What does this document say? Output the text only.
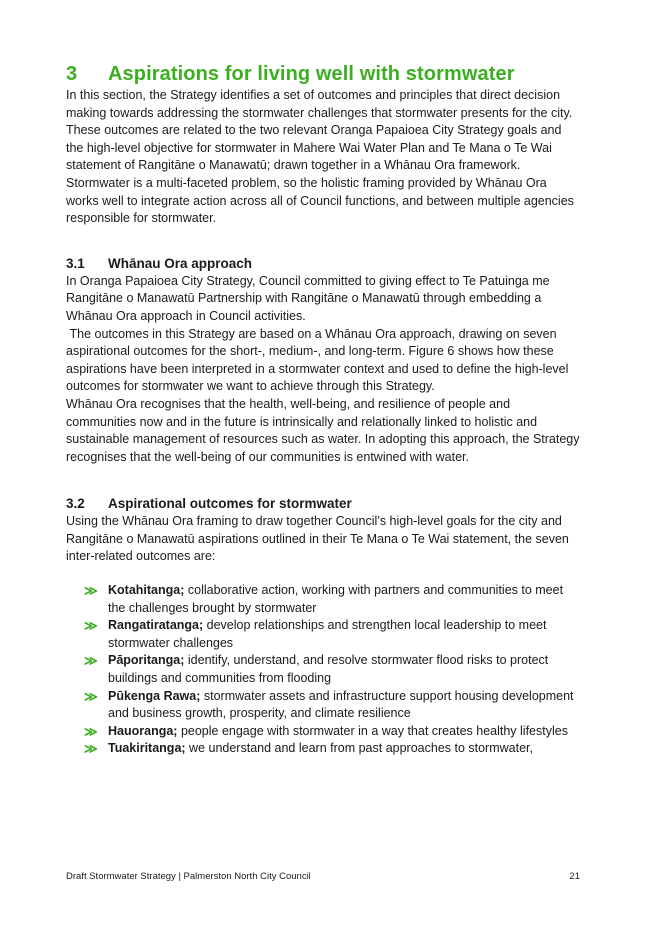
3	Aspirations for living well with stormwater

In this section, the Strategy identifies a set of outcomes and principles that direct decision making towards addressing the stormwater challenges that stormwater presents for the city.

These outcomes are related to the two relevant Oranga Papaioea City Strategy goals and the high-level objective for stormwater in Mahere Wai Water Plan and Te Mana o Te Wai statement of Rangitāne o Manawatū; drawn together in a Whānau Ora framework. Stormwater is a multi-faceted problem, so the holistic framing provided by Whānau Ora works well to integrate action across all of Council functions, and between multiple agencies responsible for stormwater.

3.1	Whānau Ora approach

In Oranga Papaioea City Strategy, Council committed to giving effect to Te Patuinga me Rangitāne o Manawatū Partnership with Rangitāne o Manawatū through embedding a Whānau Ora approach in Council activities.

The outcomes in this Strategy are based on a Whānau Ora approach, drawing on seven aspirational outcomes for the short-, medium-, and long-term. Figure 6 shows how these aspirations have been interpreted in a stormwater context and used to define the high-level outcomes for stormwater we want to achieve through this Strategy.

Whānau Ora recognises that the health, well-being, and resilience of people and communities now and in the future is intrinsically and relationally linked to holistic and sustainable management of resources such as water. In adopting this approach, the Strategy recognises that the well-being of our communities is entwined with water.

3.2	Aspirational outcomes for stormwater

Using the Whānau Ora framing to draw together Council’s high-level goals for the city and Rangitāne o Manawatū aspirations outlined in their Te Mana o Te Wai statement, the seven inter-related outcomes are:

≫ Kotahitanga; collaborative action, working with partners and communities to meet the challenges brought by stormwater
≫ Rangatiratanga; develop relationships and strengthen local leadership to meet stormwater challenges
≫ Pāporitanga; identify, understand, and resolve stormwater flood risks to protect buildings and communities from flooding
≫ Pūkenga Rawa; stormwater assets and infrastructure support housing development and business growth, prosperity, and climate resilience
≫ Hauoranga; people engage with stormwater in a way that creates healthy lifestyles
≫ Tuakiritanga; we understand and learn from past approaches to stormwater,
Draft Stormwater Strategy | Palmerston North City Council	21
